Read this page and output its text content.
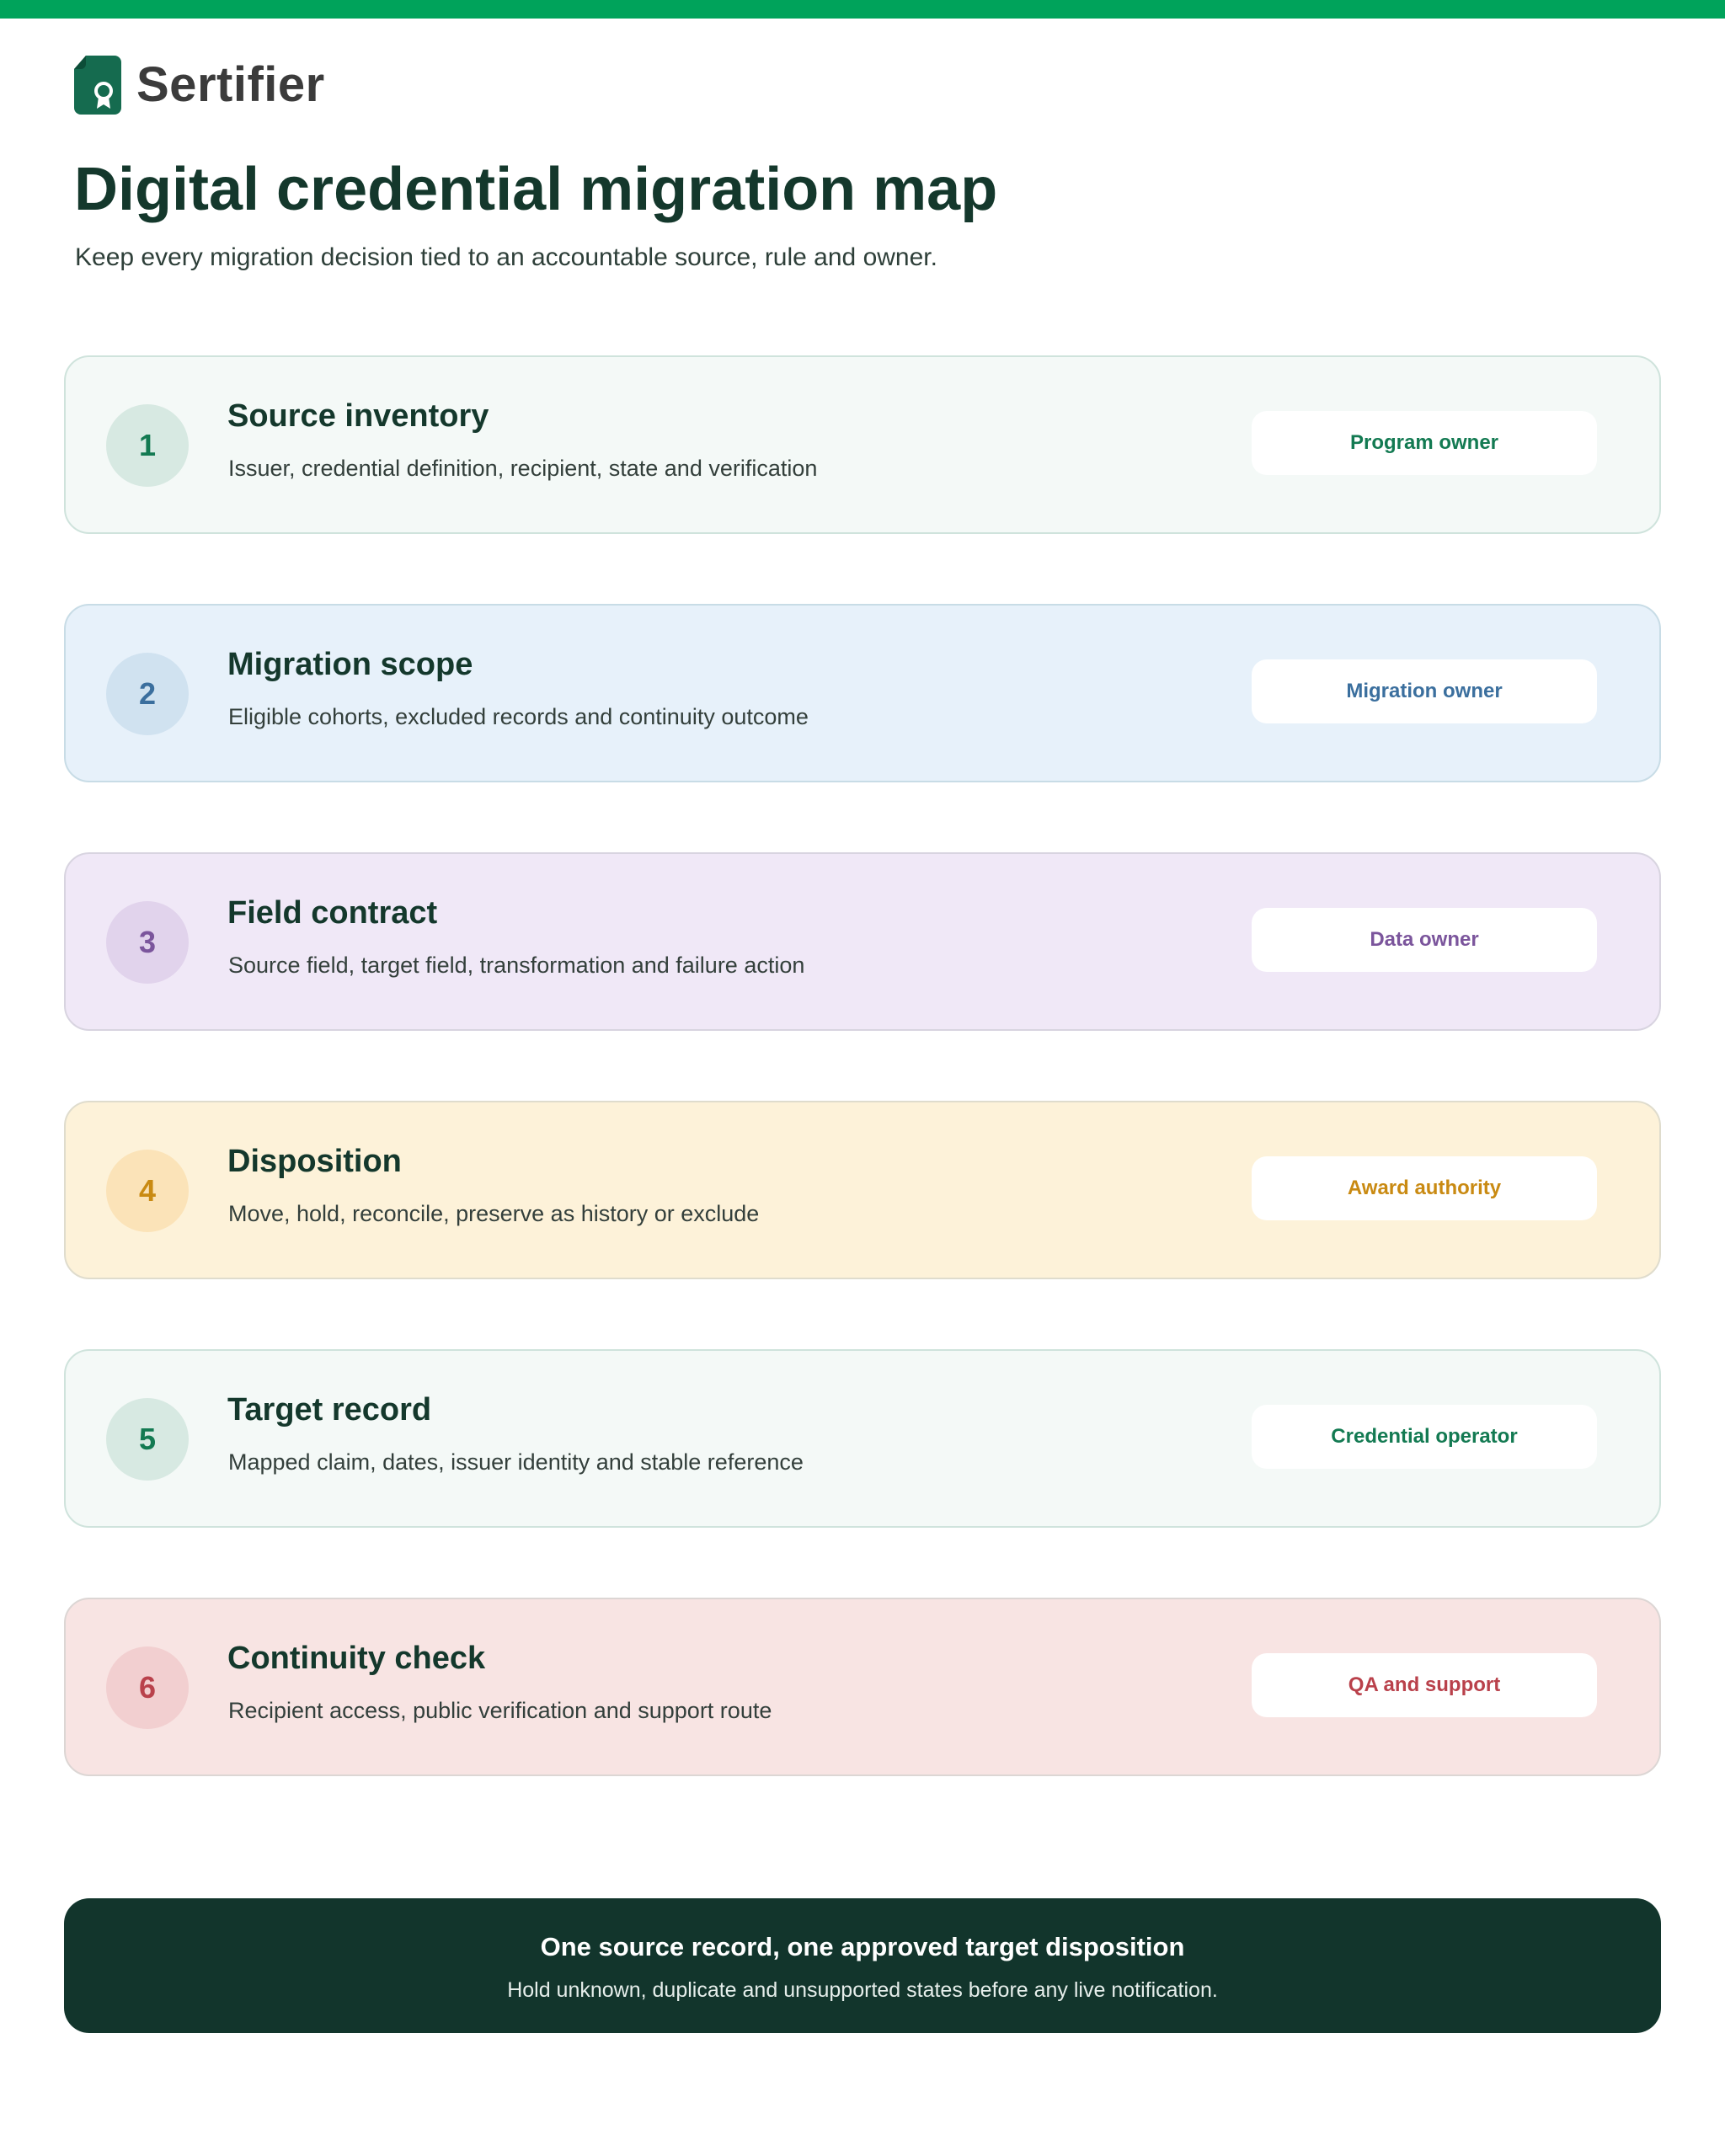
Sertifier
Digital credential migration map

Keep every migration decision tied to an accountable source, rule and owner.

1
Source inventory
Issuer, credential definition, recipient, state and verification
Program owner
2
Migration scope
Eligible cohorts, excluded records and continuity outcome
Migration owner
3
Field contract
Source field, target field, transformation and failure action
Data owner
4
Disposition
Move, hold, reconcile, preserve as history or exclude
Award authority
5
Target record
Mapped claim, dates, issuer identity and stable reference
Credential operator
6
Continuity check
Recipient access, public verification and support route
QA and support
One source record, one approved target disposition
Hold unknown, duplicate and unsupported states before any live notification.
